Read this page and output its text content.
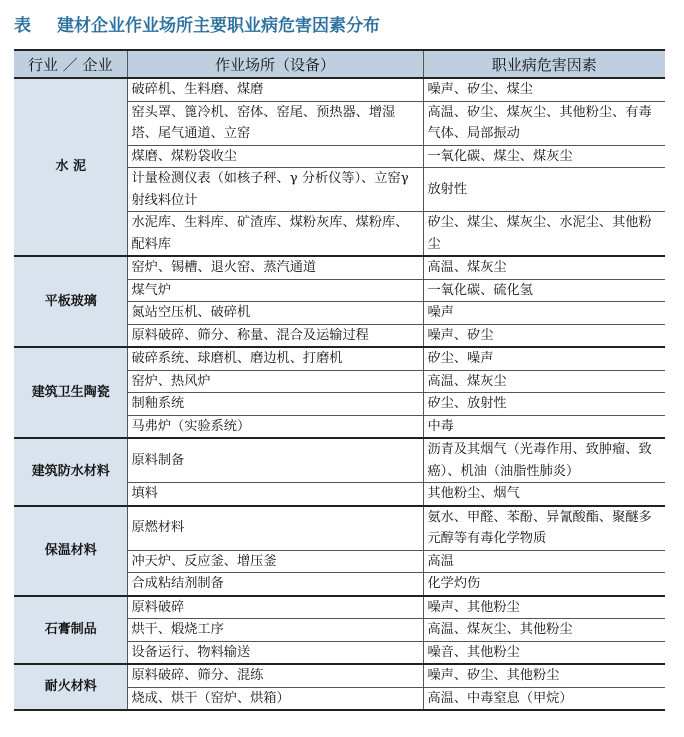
表 建材企业作业场所主要职业病危害因素分布
行业 ／ 企业	作业场所（设备）	职业病危害因素
水 泥	破碎机、生料磨、煤磨	噪声、矽尘、煤尘
	窑头罩、篦冷机、窑体、窑尾、预热器、增湿塔、尾气通道、立窑	高温、矽尘、煤灰尘、其他粉尘、有毒气体、局部振动
	煤磨、煤粉袋收尘	一氧化碳、煤尘、煤灰尘
	计量检测仪表（如核子秤、γ 分析仪等）、立窑γ射线料位计	放射性
	水泥库、生料库、矿渣库、煤粉灰库、煤粉库、配料库	矽尘、煤尘、煤灰尘、水泥尘、其他粉尘
平板玻璃	窑炉、锡槽、退火窑、蒸汽通道	高温、煤灰尘
	煤气炉	一氧化碳、硫化氢
	氮站空压机、破碎机	噪声
	原料破碎、筛分、称量、混合及运输过程	噪声、矽尘
建筑卫生陶瓷	破碎系统、球磨机、磨边机、打磨机	矽尘、噪声
	窑炉、热风炉	高温、煤灰尘
	制釉系统	矽尘、放射性
	马弗炉（实验系统）	中毒
建筑防水材料	原料制备	沥青及其烟气（光毒作用、致肿瘤、致癌）、机油（油脂性肺炎）
	填料	其他粉尘、烟气
保温材料	原燃材料	氨水、甲醛、苯酚、异氰酸酯、聚醚多元醇等有毒化学物质
	冲天炉、反应釜、增压釜	高温
	合成粘结剂制备	化学灼伤
石膏制品	原料破碎	噪声、其他粉尘
	烘干、煅烧工序	高温、煤灰尘、其他粉尘
	设备运行、物料输送	噪音、其他粉尘
耐火材料	原料破碎、筛分、混练	噪声、矽尘、其他粉尘
	烧成、烘干（窑炉、烘箱）	高温、中毒窒息（甲烷）
